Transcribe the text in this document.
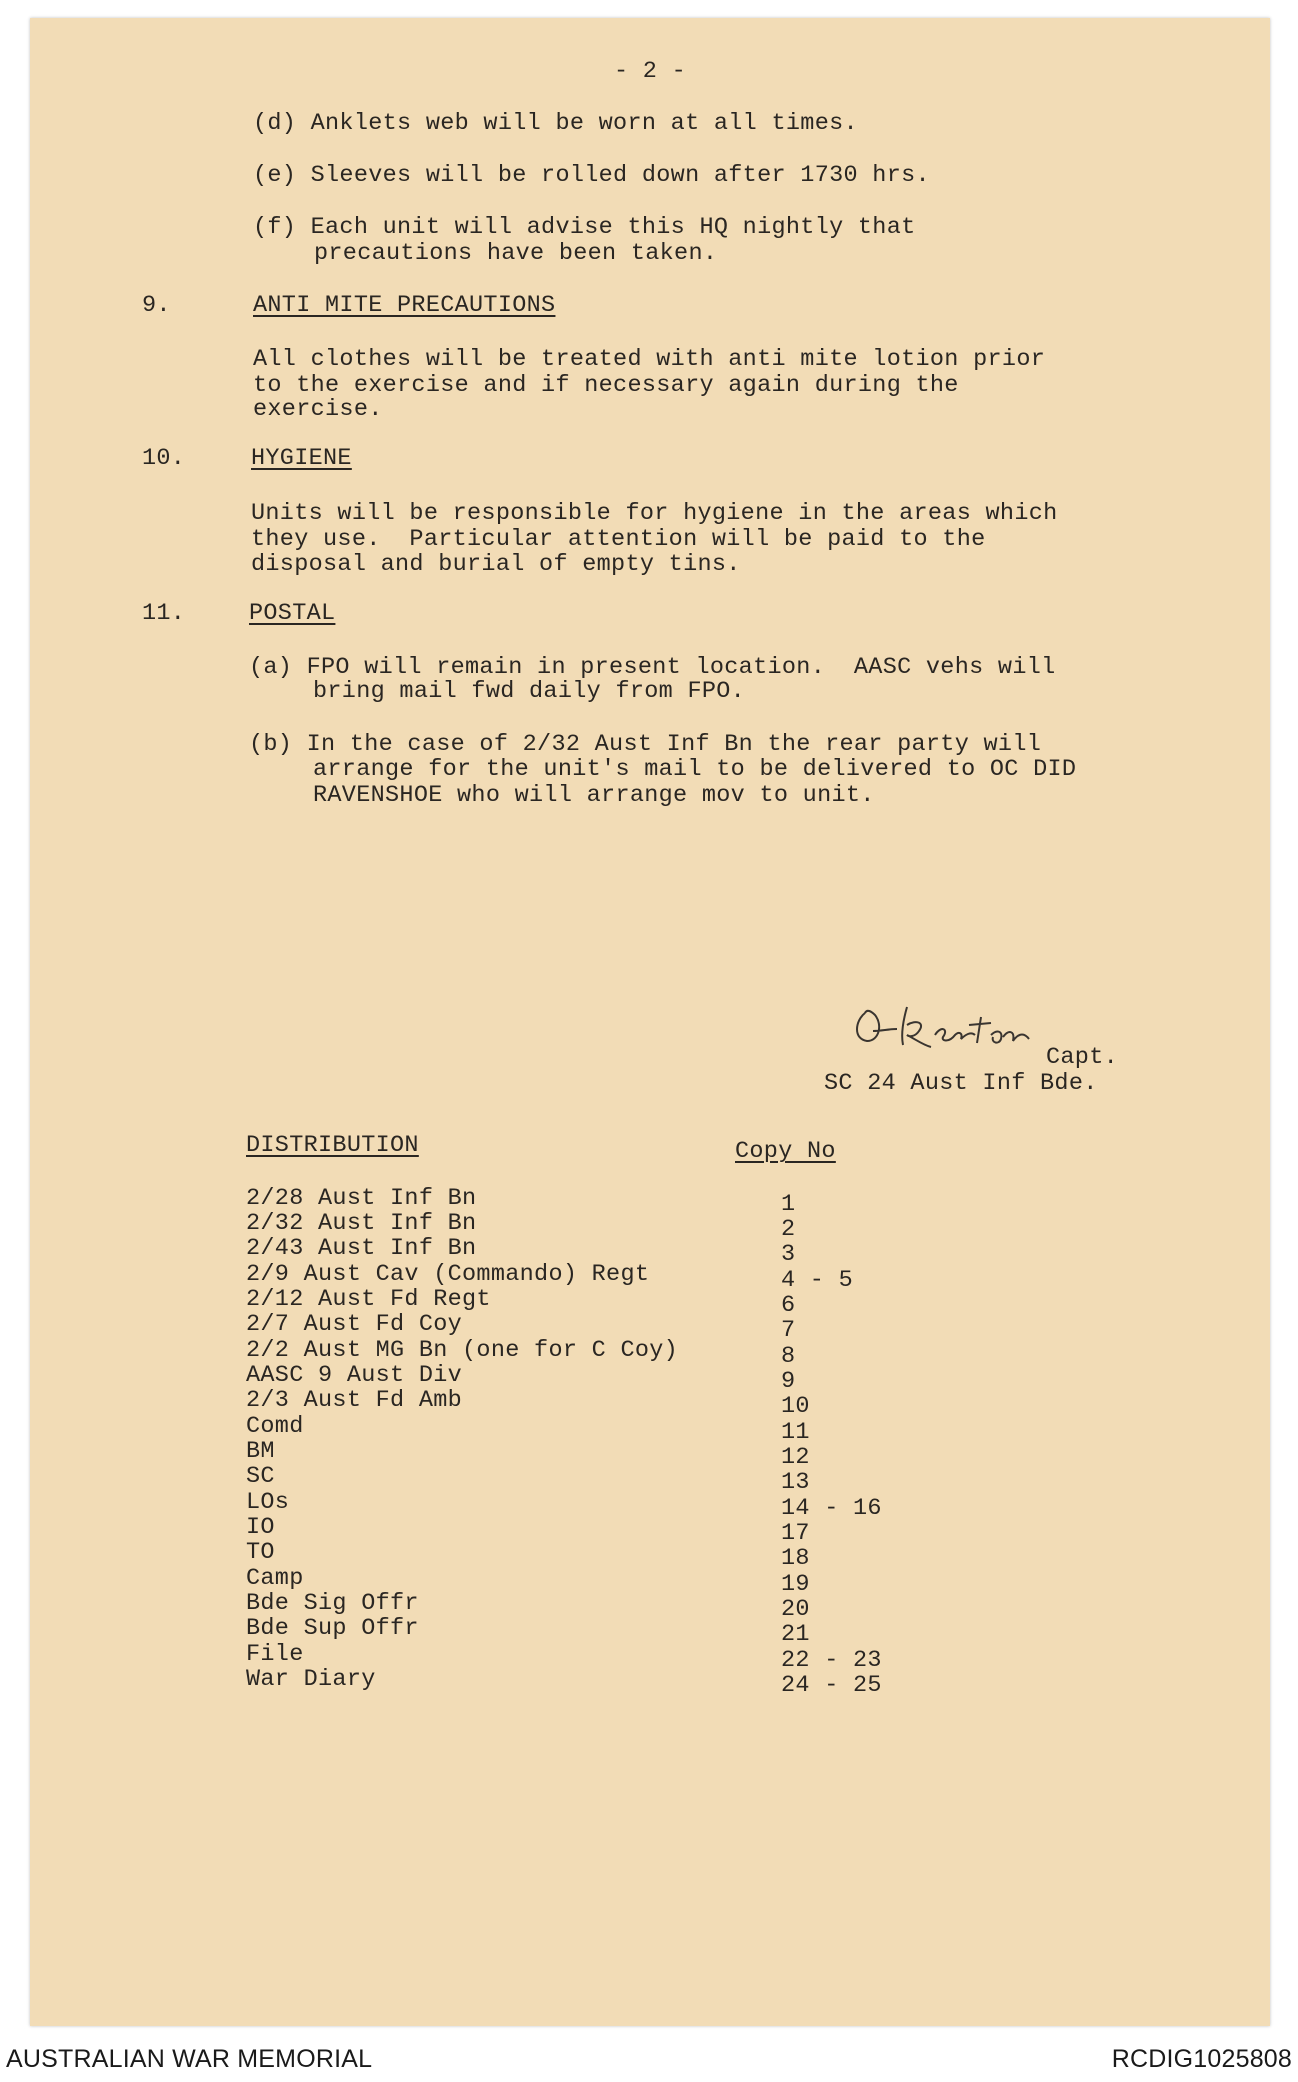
- 2 -
(d) Anklets web will be worn at all times.
(e) Sleeves will be rolled down after 1730 hrs.
(f) Each unit will advise this HQ nightly that
precautions have been taken.
9.	ANTI MITE PRECAUTIONS
All clothes will be treated with anti mite lotion prior
to the exercise and if necessary again during the
exercise.
10.	HYGIENE
Units will be responsible for hygiene in the areas which
they use.  Particular attention will be paid to the
disposal and burial of empty tins.
11.	POSTAL
(a) FPO will remain in present location.  AASC vehs will
bring mail fwd daily from FPO.
(b) In the case of 2/32 Aust Inf Bn the rear party will
arrange for the unit's mail to be delivered to OC DID
RAVENSHOE who will arrange mov to unit.
Capt.
SC 24 Aust Inf Bde.
DISTRIBUTION	Copy No
2/28 Aust Inf Bn	1
2/32 Aust Inf Bn	2
2/43 Aust Inf Bn	3
2/9 Aust Cav (Commando) Regt	4 - 5
2/12 Aust Fd Regt	6
2/7 Aust Fd Coy	7
2/2 Aust MG Bn (one for C Coy)	8
AASC 9 Aust Div	9
2/3 Aust Fd Amb	10
Comd	11
BM	12
SC	13
LOs	14 - 16
IO	17
TO	18
Camp	19
Bde Sig Offr	20
Bde Sup Offr	21
File	22 - 23
War Diary	24 - 25
AUSTRALIAN WAR MEMORIAL	RCDIG1025808
